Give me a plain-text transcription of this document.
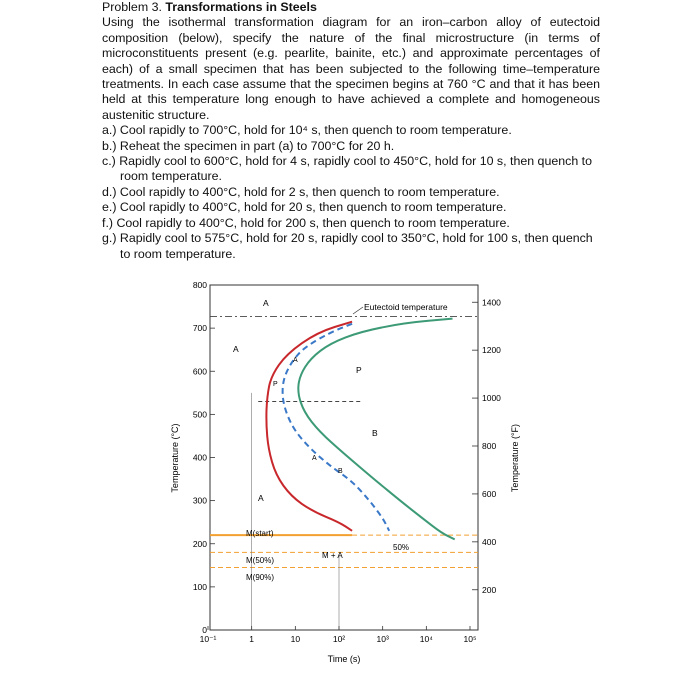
Problem 3. Transformations in Steels

Using the isothermal transformation diagram for an iron–carbon alloy of eutectoid composition (below), specify the nature of the final microstructure (in terms of microconstituents present (e.g. pearlite, bainite, etc.) and approximate percentages of each) of a small specimen that has been subjected to the following time–temperature treatments. In each case assume that the specimen begins at 760 °C and that it has been held at this temperature long enough to have achieved a complete and homogeneous austenitic structure.

a.) Cool rapidly to 700°C, hold for 10⁴ s, then quench to room temperature.

b.) Reheat the specimen in part (a) to 700°C for 20 h.

c.) Rapidly cool to 600°C, hold for 4 s, rapidly cool to 450°C, hold for 10 s, then quench to room temperature.

d.) Cool rapidly to 400°C, hold for 2 s, then quench to room temperature.

e.) Cool rapidly to 400°C, hold for 20 s, then quench to room temperature.

f.) Cool rapidly to 400°C, hold for 200 s, then quench to room temperature.

g.) Rapidly cool to 575°C, hold for 20 s, rapidly cool to 350°C, hold for 100 s, then quench to room temperature.

0
100
200
300
400
500
600
700
800
200
400
600
800
1000
1200
1400
10⁻¹	1	10	10²	10³	10⁴	10⁵
Time (s)
Temperature (°C)	Temperature (°F)
Eutectoid temperature
A
A
A
P
P
B
A
B
A
M(start)
M(50%)
M(90%)
M + A
50%
